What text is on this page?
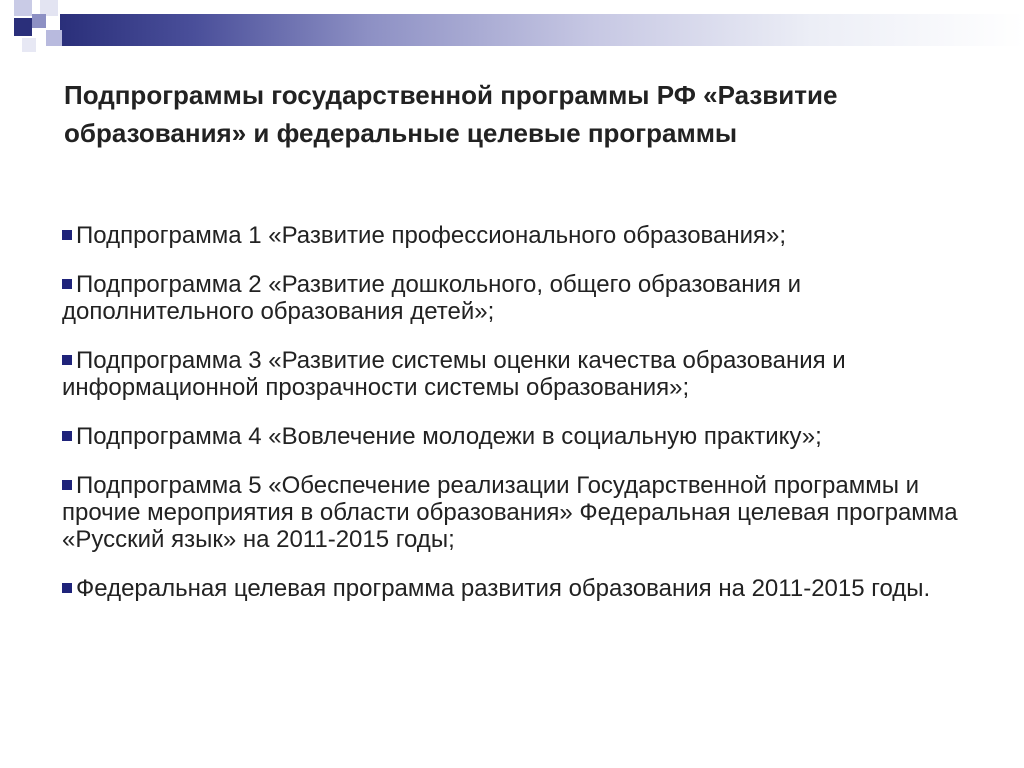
Подпрограммы государственной программы РФ «Развитие образования» и федеральные целевые программы

Подпрограмма 1 «Развитие профессионального образования»;

Подпрограмма 2 «Развитие дошкольного, общего образования и дополнительного образования детей»;

Подпрограмма 3 «Развитие системы оценки качества образования и информационной прозрачности системы образования»;

Подпрограмма 4 «Вовлечение молодежи в социальную практику»;

Подпрограмма 5 «Обеспечение реализации Государственной программы и прочие мероприятия в области образования» Федеральная целевая программа «Русский язык» на 2011-2015 годы;

Федеральная целевая программа развития образования на 2011-2015 годы.
